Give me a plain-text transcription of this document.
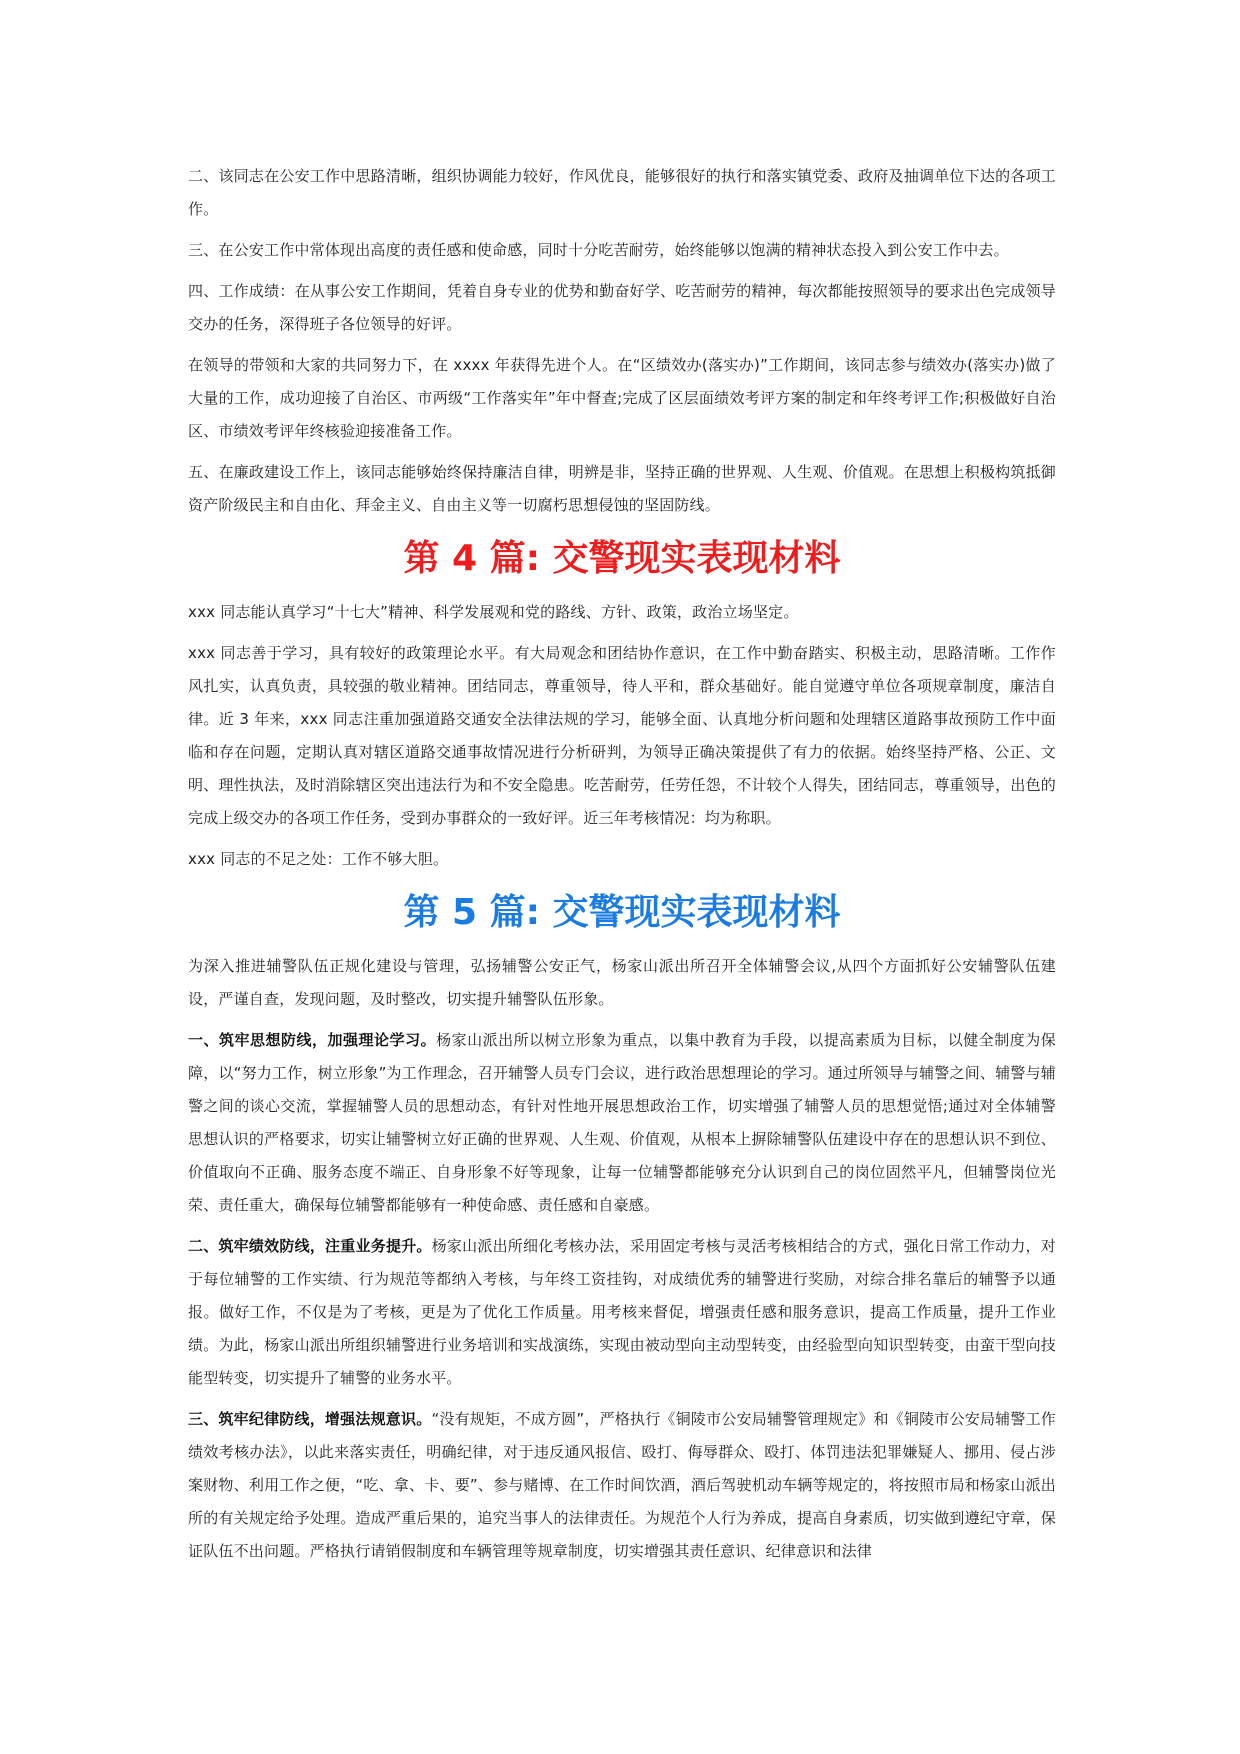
二、该同志在公安工作中思路清晰，组织协调能力较好，作风优良，能够很好的执行和落实镇党委、政府及抽调单位下达的各项工作。

三、在公安工作中常体现出高度的责任感和使命感，同时十分吃苦耐劳，始终能够以饱满的精神状态投入到公安工作中去。

四、工作成绩：在从事公安工作期间，凭着自身专业的优势和勤奋好学、吃苦耐劳的精神，每次都能按照领导的要求出色完成领导交办的任务，深得班子各位领导的好评。

在领导的带领和大家的共同努力下，在 xxxx 年获得先进个人。在“区绩效办(落实办)”工作期间，该同志参与绩效办(落实办)做了大量的工作，成功迎接了自治区、市两级“工作落实年”年中督查;完成了区层面绩效考评方案的制定和年终考评工作;积极做好自治区、市绩效考评年终核验迎接准备工作。

五、在廉政建设工作上，该同志能够始终保持廉洁自律，明辨是非，坚持正确的世界观、人生观、价值观。在思想上积极构筑抵御资产阶级民主和自由化、拜金主义、自由主义等一切腐朽思想侵蚀的坚固防线。

第 4 篇: 交警现实表现材料

xxx 同志能认真学习“十七大”精神、科学发展观和党的路线、方针、政策，政治立场坚定。

xxx 同志善于学习，具有较好的政策理论水平。有大局观念和团结协作意识，在工作中勤奋踏实、积极主动，思路清晰。工作作风扎实，认真负责，具较强的敬业精神。团结同志，尊重领导，待人平和，群众基础好。能自觉遵守单位各项规章制度，廉洁自律。近 3 年来，xxx 同志注重加强道路交通安全法律法规的学习，能够全面、认真地分析问题和处理辖区道路事故预防工作中面临和存在问题，定期认真对辖区道路交通事故情况进行分析研判，为领导正确决策提供了有力的依据。始终坚持严格、公正、文明、理性执法，及时消除辖区突出违法行为和不安全隐患。吃苦耐劳，任劳任怨，不计较个人得失，团结同志，尊重领导，出色的完成上级交办的各项工作任务，受到办事群众的一致好评。近三年考核情况：均为称职。

xxx 同志的不足之处：工作不够大胆。

第 5 篇: 交警现实表现材料

为深入推进辅警队伍正规化建设与管理，弘扬辅警公安正气，杨家山派出所召开全体辅警会议,从四个方面抓好公安辅警队伍建设，严谨自查，发现问题，及时整改，切实提升辅警队伍形象。

一、筑牢思想防线，加强理论学习。杨家山派出所以树立形象为重点，以集中教育为手段，以提高素质为目标，以健全制度为保障，以“努力工作，树立形象”为工作理念，召开辅警人员专门会议，进行政治思想理论的学习。通过所领导与辅警之间、辅警与辅警之间的谈心交流，掌握辅警人员的思想动态，有针对性地开展思想政治工作，切实增强了辅警人员的思想觉悟;通过对全体辅警思想认识的严格要求，切实让辅警树立好正确的世界观、人生观、价值观，从根本上摒除辅警队伍建设中存在的思想认识不到位、价值取向不正确、服务态度不端正、自身形象不好等现象，让每一位辅警都能够充分认识到自己的岗位固然平凡，但辅警岗位光荣、责任重大，确保每位辅警都能够有一种使命感、责任感和自豪感。

二、筑牢绩效防线，注重业务提升。杨家山派出所细化考核办法，采用固定考核与灵活考核相结合的方式，强化日常工作动力，对于每位辅警的工作实绩、行为规范等都纳入考核，与年终工资挂钩，对成绩优秀的辅警进行奖励，对综合排名靠后的辅警予以通报。做好工作，不仅是为了考核，更是为了优化工作质量。用考核来督促，增强责任感和服务意识，提高工作质量，提升工作业绩。为此，杨家山派出所组织辅警进行业务培训和实战演练，实现由被动型向主动型转变，由经验型向知识型转变，由蛮干型向技能型转变，切实提升了辅警的业务水平。

三、筑牢纪律防线，增强法规意识。“没有规矩，不成方圆”，严格执行《铜陵市公安局辅警管理规定》和《铜陵市公安局辅警工作绩效考核办法》，以此来落实责任，明确纪律，对于违反通风报信、殴打、侮辱群众、殴打、体罚违法犯罪嫌疑人、挪用、侵占涉案财物、利用工作之便，“吃、拿、卡、要”、参与赌博、在工作时间饮酒，酒后驾驶机动车辆等规定的，将按照市局和杨家山派出所的有关规定给予处理。造成严重后果的，追究当事人的法律责任。为规范个人行为养成，提高自身素质，切实做到遵纪守章，保证队伍不出问题。严格执行请销假制度和车辆管理等规章制度，切实增强其责任意识、纪律意识和法律
